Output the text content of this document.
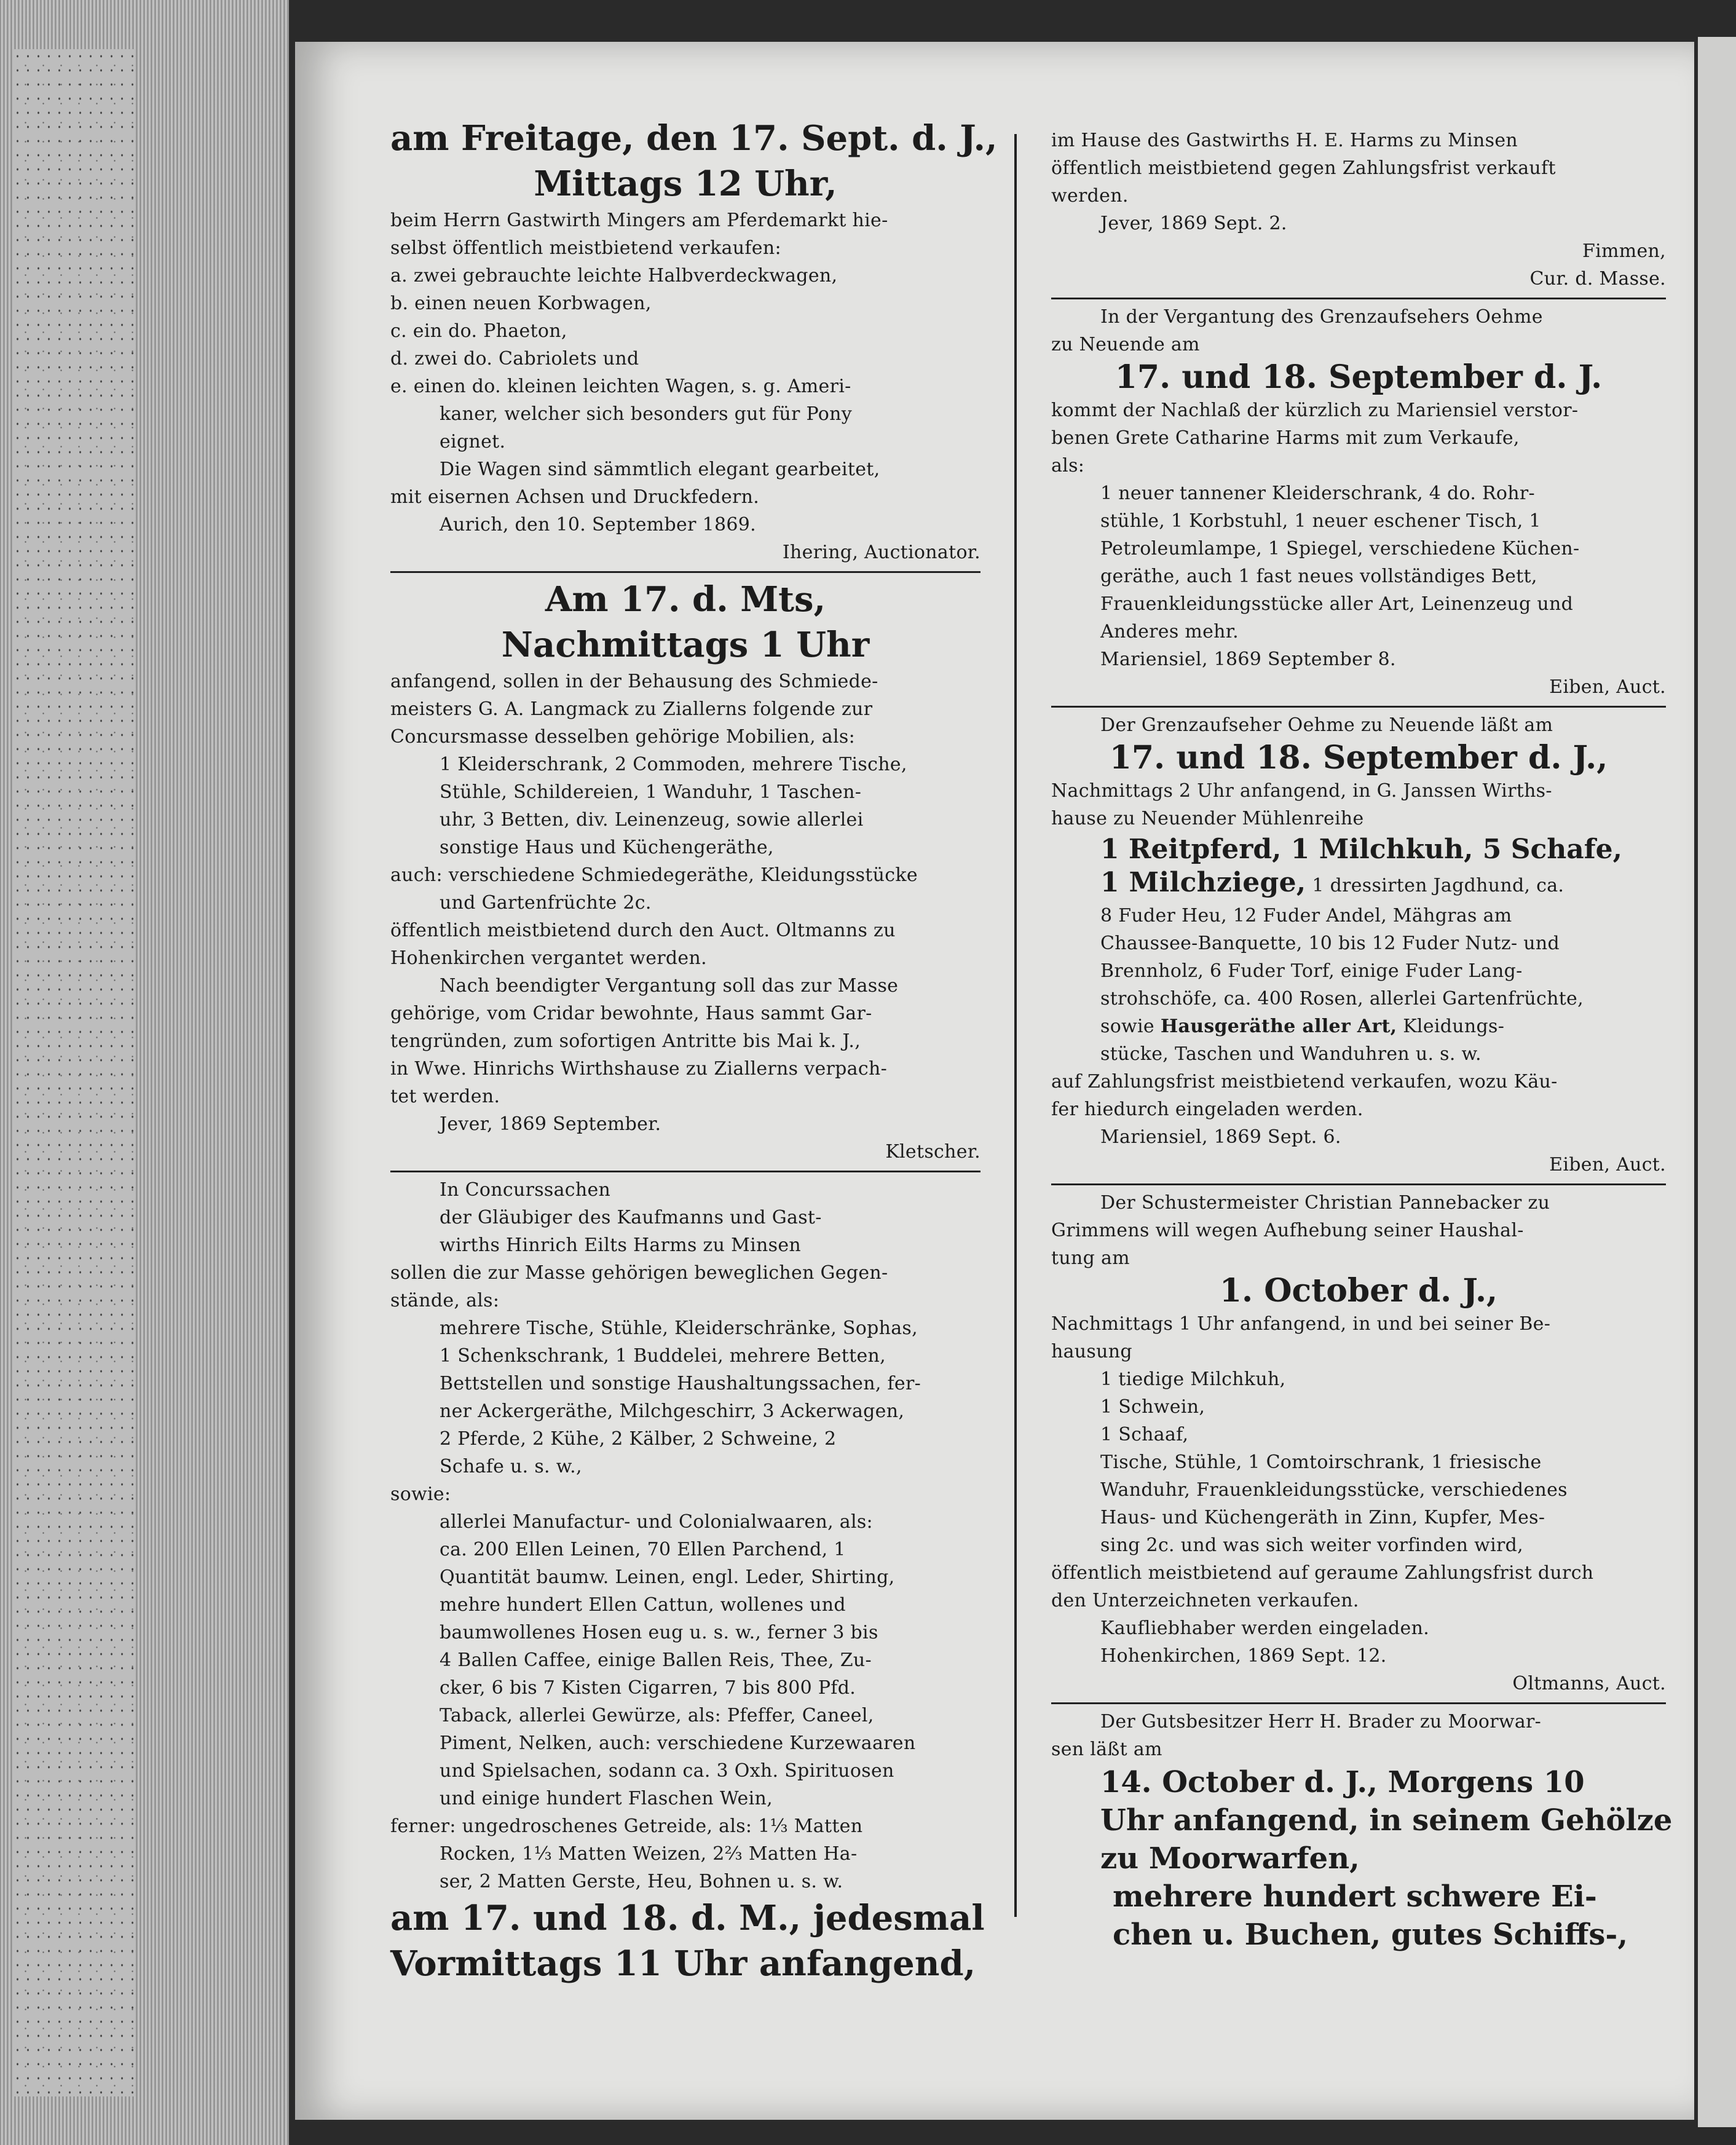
am Freitage, den 17. Sept. d. J.,
Mittags 12 Uhr,
beim Herrn Gastwirth Mingers am Pferdemarkt hie-
selbst öffentlich meistbietend verkaufen:
a. zwei gebrauchte leichte Halbverdeckwagen,
b. einen neuen Korbwagen,
c. ein do. Phaeton,
d. zwei do. Cabriolets und
e. einen do. kleinen leichten Wagen, s. g. Ameri-
kaner, welcher sich besonders gut für Pony
eignet.
Die Wagen sind sämmtlich elegant gearbeitet,
mit eisernen Achsen und Druckfedern.
Aurich, den 10. September 1869.
Ihering, Auctionator.
Am 17. d. Mts,
Nachmittags 1 Uhr
anfangend, sollen in der Behausung des Schmiede-
meisters G. A. Langmack zu Ziallerns folgende zur
Concursmasse desselben gehörige Mobilien, als:
1 Kleiderschrank, 2 Commoden, mehrere Tische,
Stühle, Schildereien, 1 Wanduhr, 1 Taschen-
uhr, 3 Betten, div. Leinenzeug, sowie allerlei
sonstige Haus und Küchengeräthe,
auch: verschiedene Schmiedegeräthe, Kleidungsstücke
und Gartenfrüchte 2c.
öffentlich meistbietend durch den Auct. Oltmanns zu
Hohenkirchen vergantet werden.
Nach beendigter Vergantung soll das zur Masse
gehörige, vom Cridar bewohnte, Haus sammt Gar-
tengründen, zum sofortigen Antritte bis Mai k. J.,
in Wwe. Hinrichs Wirthshause zu Ziallerns verpach-
tet werden.
Jever, 1869 September.
Kletscher.
In Concurssachen
der Gläubiger des Kaufmanns und Gast-
wirths Hinrich Eilts Harms zu Minsen
sollen die zur Masse gehörigen beweglichen Gegen-
stände, als:
mehrere Tische, Stühle, Kleiderschränke, Sophas,
1 Schenkschrank, 1 Buddelei, mehrere Betten,
Bettstellen und sonstige Haushaltungssachen, fer-
ner Ackergeräthe, Milchgeschirr, 3 Ackerwagen,
2 Pferde, 2 Kühe, 2 Kälber, 2 Schweine, 2
Schafe u. s. w.,
sowie:
allerlei Manufactur- und Colonialwaaren, als:
ca. 200 Ellen Leinen, 70 Ellen Parchend, 1
Quantität baumw. Leinen, engl. Leder, Shirting,
mehre hundert Ellen Cattun, wollenes und
baumwollenes Hosen eug u. s. w., ferner 3 bis
4 Ballen Caffee, einige Ballen Reis, Thee, Zu-
cker, 6 bis 7 Kisten Cigarren, 7 bis 800 Pfd.
Taback, allerlei Gewürze, als: Pfeffer, Caneel,
Piment, Nelken, auch: verschiedene Kurzewaaren
und Spielsachen, sodann ca. 3 Oxh. Spirituosen
und einige hundert Flaschen Wein,
ferner: ungedroschenes Getreide, als: 1⅓ Matten
Rocken, 1⅓ Matten Weizen, 2⅔ Matten Ha-
ser, 2 Matten Gerste, Heu, Bohnen u. s. w.
am 17. und 18. d. M., jedesmal
Vormittags 11 Uhr anfangend,
im Hause des Gastwirths H. E. Harms zu Minsen
öffentlich meistbietend gegen Zahlungsfrist verkauft
werden.
Jever, 1869 Sept. 2.
Fimmen,
Cur. d. Masse.
In der Vergantung des Grenzaufsehers Oehme
zu Neuende am
17. und 18. September d. J.
kommt der Nachlaß der kürzlich zu Mariensiel verstor-
benen Grete Catharine Harms mit zum Verkaufe,
als:
1 neuer tannener Kleiderschrank, 4 do. Rohr-
stühle, 1 Korbstuhl, 1 neuer eschener Tisch, 1
Petroleumlampe, 1 Spiegel, verschiedene Küchen-
geräthe, auch 1 fast neues vollständiges Bett,
Frauenkleidungsstücke aller Art, Leinenzeug und
Anderes mehr.
Mariensiel, 1869 September 8.
Eiben, Auct.
Der Grenzaufseher Oehme zu Neuende läßt am
17. und 18. September d. J.,
Nachmittags 2 Uhr anfangend, in G. Janssen Wirths-
hause zu Neuender Mühlenreihe
1 Reitpferd, 1 Milchkuh, 5 Schafe,
1 Milchziege, 1 dressirten Jagdhund, ca.
8 Fuder Heu, 12 Fuder Andel, Mähgras am
Chaussee-Banquette, 10 bis 12 Fuder Nutz- und
Brennholz, 6 Fuder Torf, einige Fuder Lang-
strohschöfe, ca. 400 Rosen, allerlei Gartenfrüchte,
sowie Hausgeräthe aller Art, Kleidungs-
stücke, Taschen und Wanduhren u. s. w.
auf Zahlungsfrist meistbietend verkaufen, wozu Käu-
fer hiedurch eingeladen werden.
Mariensiel, 1869 Sept. 6.
Eiben, Auct.
Der Schustermeister Christian Pannebacker zu
Grimmens will wegen Aufhebung seiner Haushal-
tung am
1. October d. J.,
Nachmittags 1 Uhr anfangend, in und bei seiner Be-
hausung
1 tiedige Milchkuh,
1 Schwein,
1 Schaaf,
Tische, Stühle, 1 Comtoirschrank, 1 friesische
Wanduhr, Frauenkleidungsstücke, verschiedenes
Haus- und Küchengeräth in Zinn, Kupfer, Mes-
sing 2c. und was sich weiter vorfinden wird,
öffentlich meistbietend auf geraume Zahlungsfrist durch
den Unterzeichneten verkaufen.
Kaufliebhaber werden eingeladen.
Hohenkirchen, 1869 Sept. 12.
Oltmanns, Auct.
Der Gutsbesitzer Herr H. Brader zu Moorwar-
sen läßt am
14. October d. J., Morgens 10
Uhr anfangend, in seinem Gehölze
zu Moorwarfen,
mehrere hundert schwere Ei-
chen u. Buchen, gutes Schiffs-,
